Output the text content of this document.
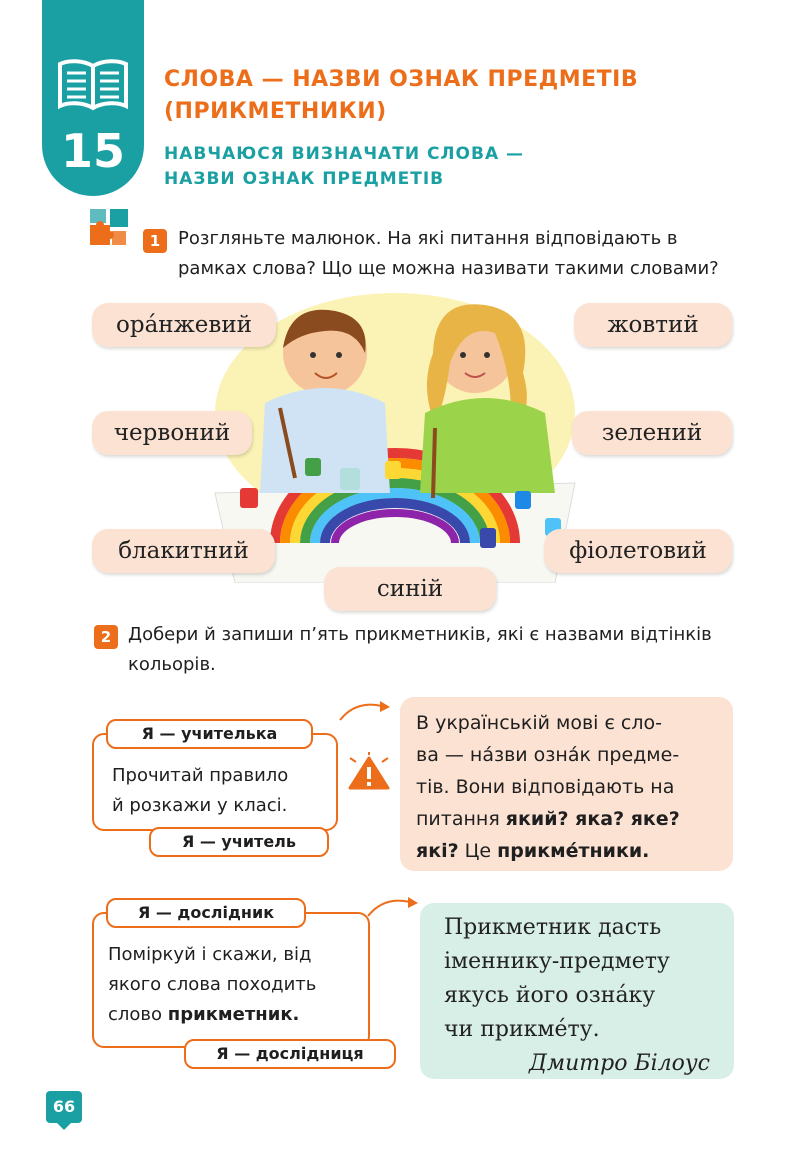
15
СЛОВА — НАЗВИ ОЗНАК ПРЕДМЕТІВ
(ПРИКМЕТНИКИ)
НАВЧАЮСЯ ВИЗНАЧАТИ СЛОВА —
НАЗВИ ОЗНАК ПРЕДМЕТІВ
1 Розгляньте малюнок. На які питання відповідають в
рамках слова? Що ще можна називати такими словами?
ора́нжевий	жовтий
червоний	зелений
блакитний	фіолетовий
синій
2 Добери й запиши п’ять прикметників, які є назвами відтінків
кольорів.
Прочитай правило
й розкажи у класі.
Я — учителька
Я — учитель
В українській мові є сло-
ва — на́зви озна́к предме-
тів. Вони відповідають на
питання який? яка? яке?
які? Це прикме́тники.
Поміркуй і скажи, від
якого слова походить
слово прикметник.
Я — дослідник
Я — дослідниця
Прикметник дасть
іменнику-предмету
якусь його озна́ку
чи прикме́ту.
Дмитро Білоус
66
